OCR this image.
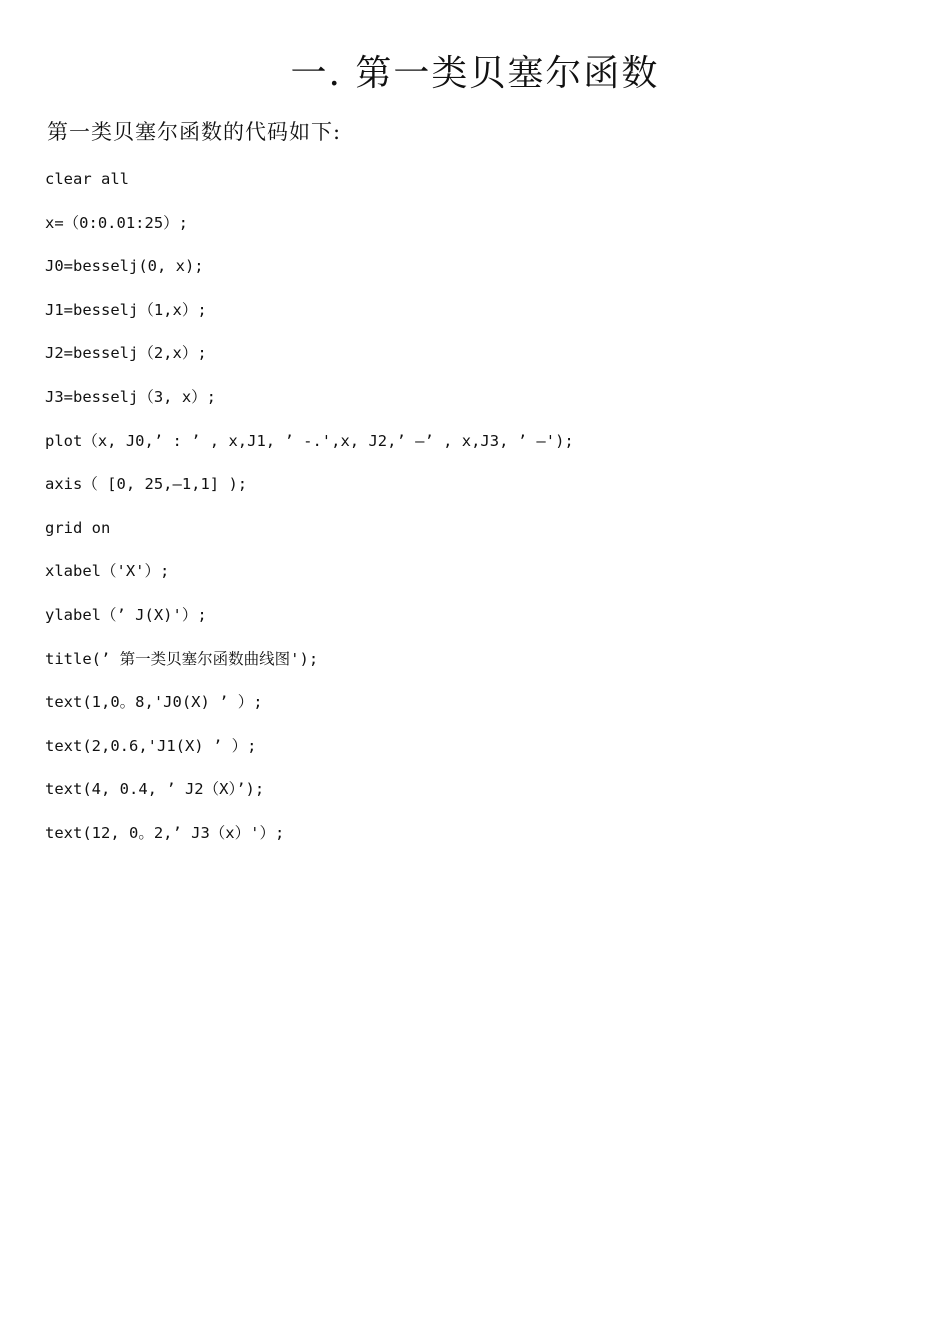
一. 第一类贝塞尔函数
第一类贝塞尔函数的代码如下:
clear all
x=（0:0.01:25）;
J0=besselj(0, x);
J1=besselj（1,x）;
J2=besselj（2,x）;
J3=besselj（3, x）;
plot（x, J0,’ : ’ , x,J1, ’ -.',x, J2,’ —’ , x,J3, ’ —');
axis（ [0, 25,—1,1] );
grid on
xlabel（'X'）;
ylabel（’ J(X)'）;
title(’ 第一类贝塞尔函数曲线图');
text(1,0。8,'J0(X) ’ ）;
text(2,0.6,'J1(X) ’ ）;
text(4, 0.4, ’ J2（X）’);
text(12, 0。2,’ J3（x）'）;
